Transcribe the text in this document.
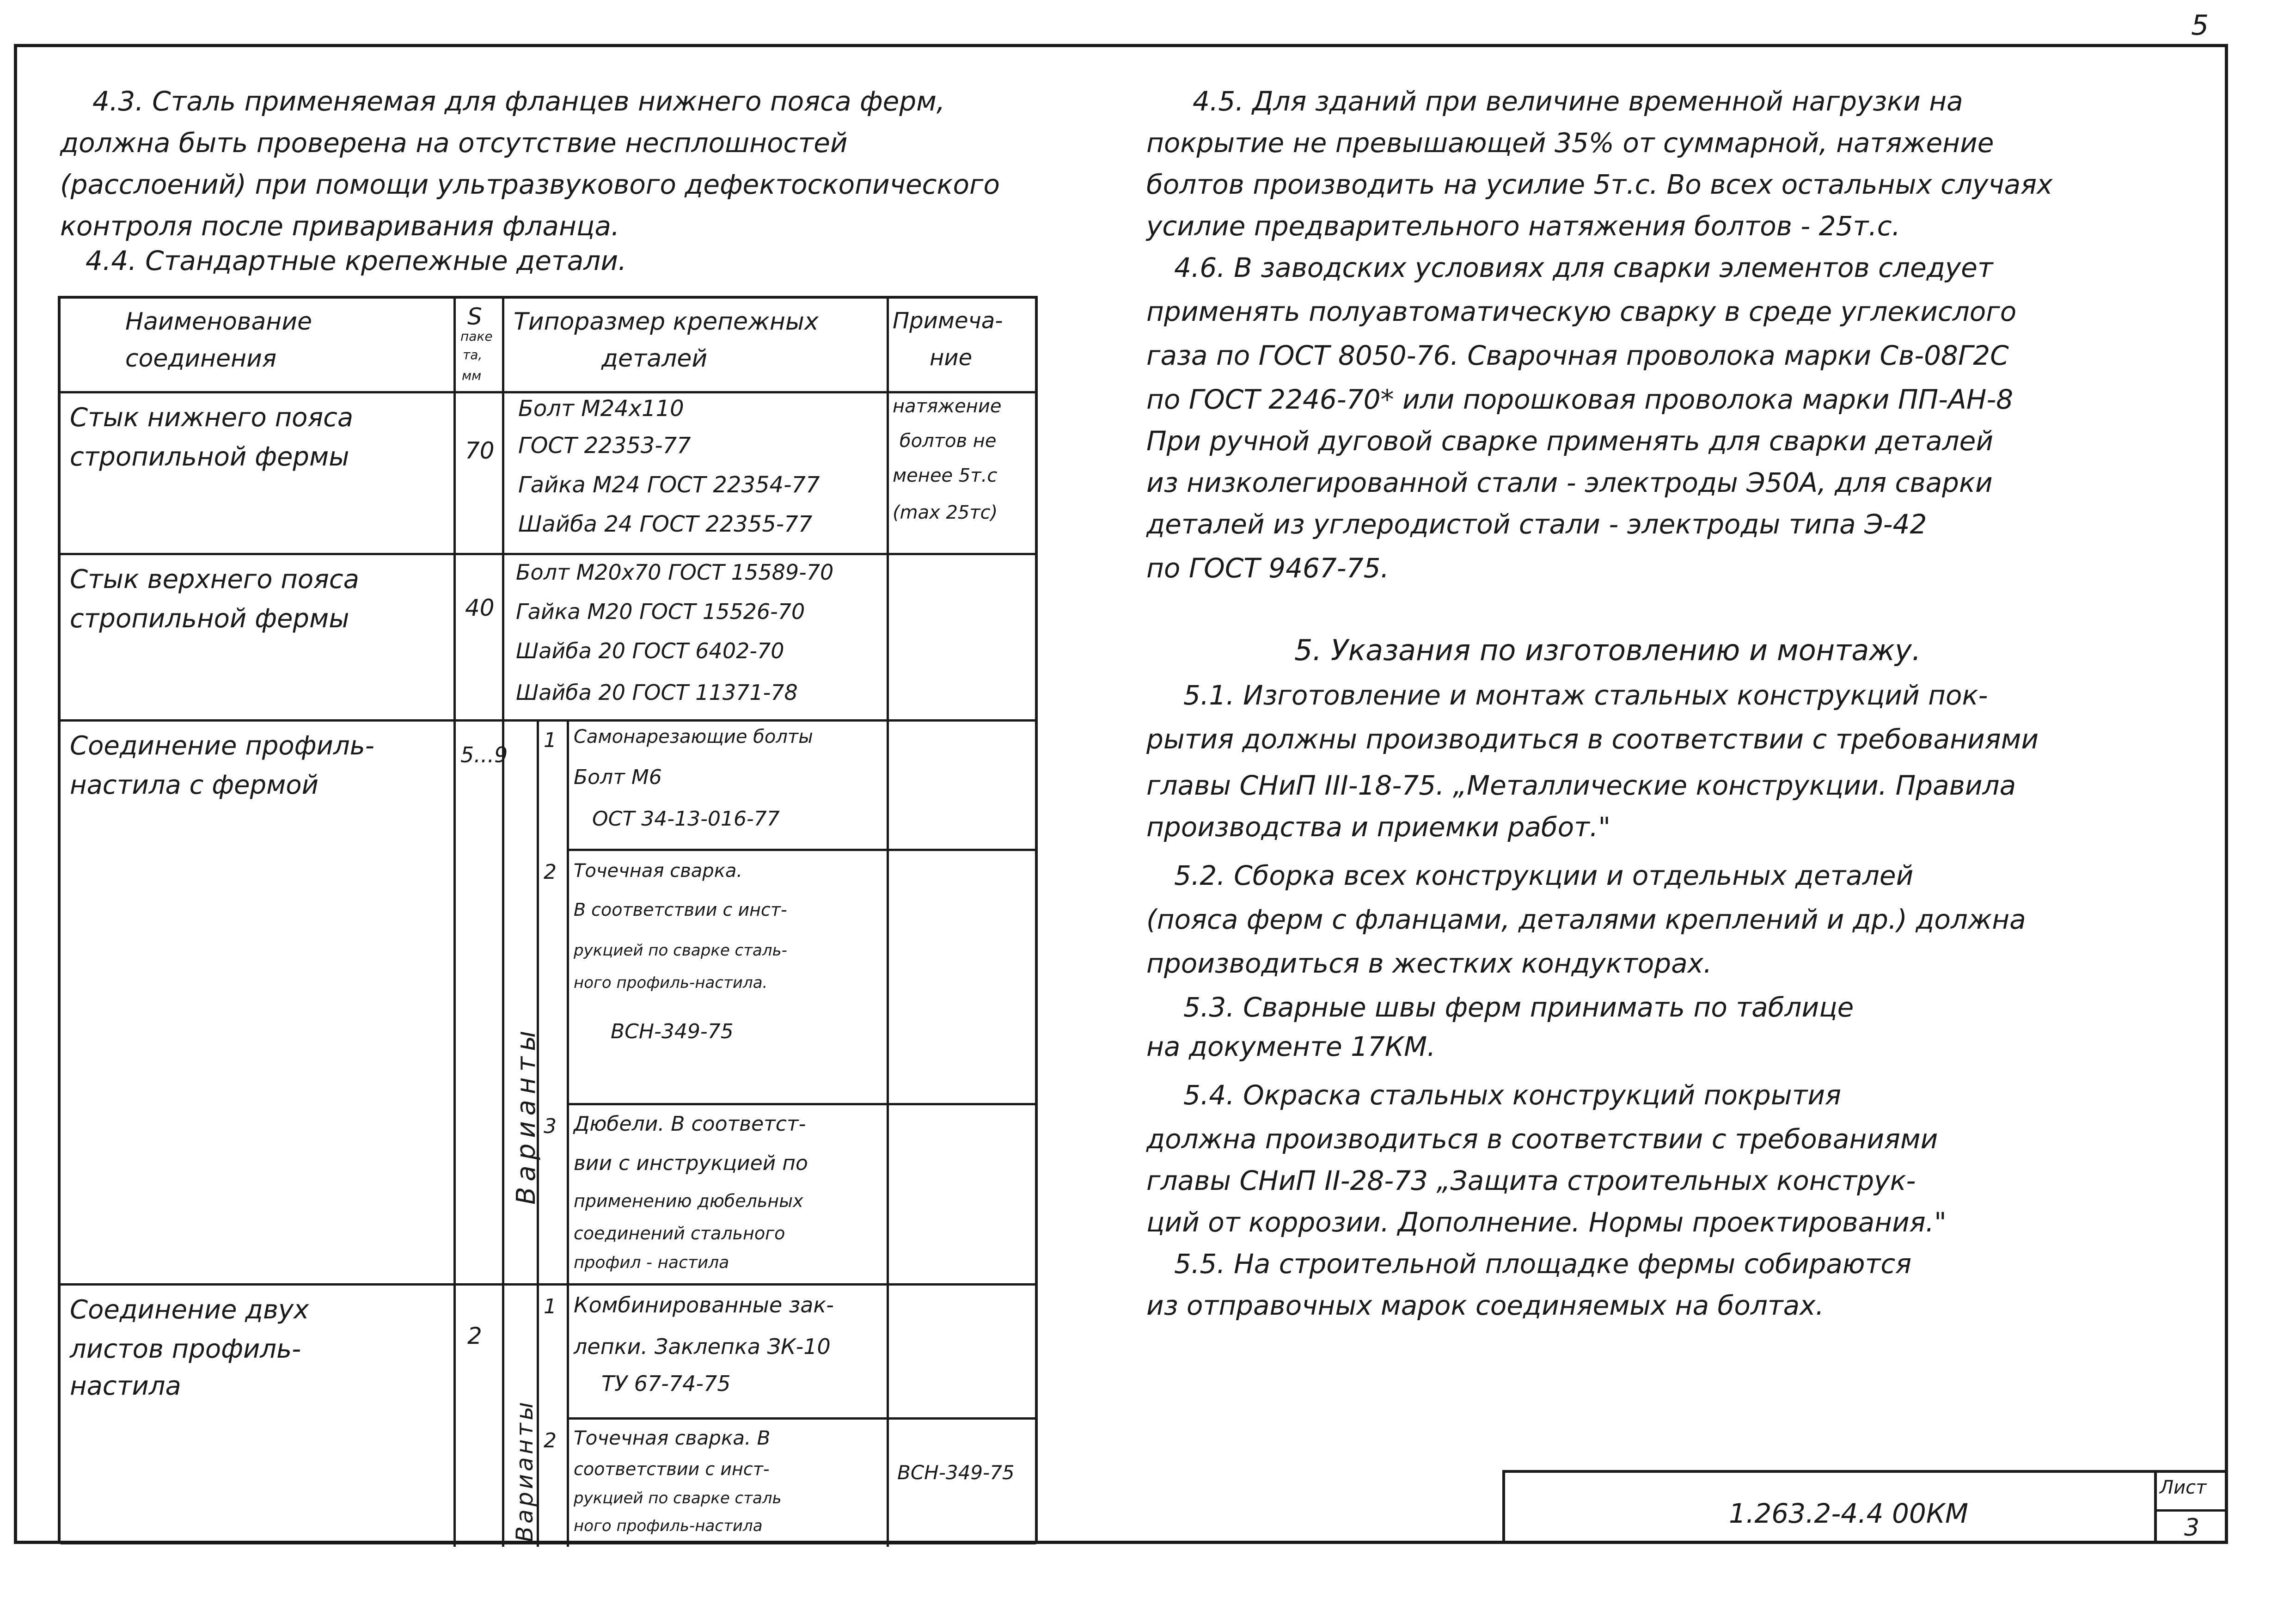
5
4.3. Сталь применяемая для фланцев нижнего пояса ферм,
должна быть проверена на отсутствие несплошностей
(расслоений) при помощи ультразвукового дефектоскопического
контроля после приваривания фланца.
4.4. Стандартные крепежные детали.
Наименование
соединения
S
паке
та,
мм
Типоразмер крепежных
деталей
Примеча-
ние
Стык нижнего пояса
стропильной фермы	70
Болт М24х110
ГОСТ 22353-77
Гайка М24 ГОСТ 22354-77
Шайба 24 ГОСТ 22355-77
натяжение
болтов не
менее 5т.с
(max 25тс)
Стык верхнего пояса
стропильной фермы	40
Болт М20х70 ГОСТ 15589-70
Гайка М20 ГОСТ 15526-70
Шайба 20 ГОСТ 6402-70
Шайба 20 ГОСТ 11371-78
Соединение профиль-
настила с фермой
5...9
Варианты
1 Самонарезающие болты
Болт М6
ОСТ 34-13-016-77
2 Точечная сварка.
В соответствии с инст-
рукцией по сварке сталь-
ного профиль-настила.
ВСН-349-75
3 Дюбели. В соответст-
вии с инструкцией по
применению дюбельных
соединений стального
профил - настила
Соединение двух
листов профиль-
настила
2
Варианты
1 Комбинированные зак-
лепки. Заклепка ЗК-10
ТУ 67-74-75
2 Точечная сварка. В
соответствии с инст-
рукцией по сварке сталь
ного профиль-настила
ВСН-349-75
4.5. Для зданий при величине временной нагрузки на
покрытие не превышающей 35% от суммарной, натяжение
болтов производить на усилие 5т.с. Во всех остальных случаях
усилие предварительного натяжения болтов - 25т.с.
4.6. В заводских условиях для сварки элементов следует
применять полуавтоматическую сварку в среде углекислого
газа по ГОСТ 8050-76. Сварочная проволока марки Св-08Г2С
по ГОСТ 2246-70* или порошковая проволока марки ПП-АН-8
При ручной дуговой сварке применять для сварки деталей
из низколегированной стали - электроды Э50А, для сварки
деталей из углеродистой стали - электроды типа Э-42
по ГОСТ 9467-75.
5. Указания по изготовлению и монтажу.
5.1. Изготовление и монтаж стальных конструкций пок-
рытия должны производиться в соответствии с требованиями
главы СНиП III-18-75. „Металлические конструкции. Правила
производства и приемки работ."
5.2. Сборка всех конструкции и отдельных деталей
(пояса ферм с фланцами, деталями креплений и др.) должна
производиться в жестких кондукторах.
5.3. Сварные швы ферм принимать по таблице
на документе 17КМ.
5.4. Окраска стальных конструкций покрытия
должна производиться в соответствии с требованиями
главы СНиП II-28-73 „Защита строительных конструк-
ций от коррозии. Дополнение. Нормы проектирования."
5.5. На строительной площадке фермы собираются
из отправочных марок соединяемых на болтах.
1.263.2-4.4 00КМ
Лист
3
